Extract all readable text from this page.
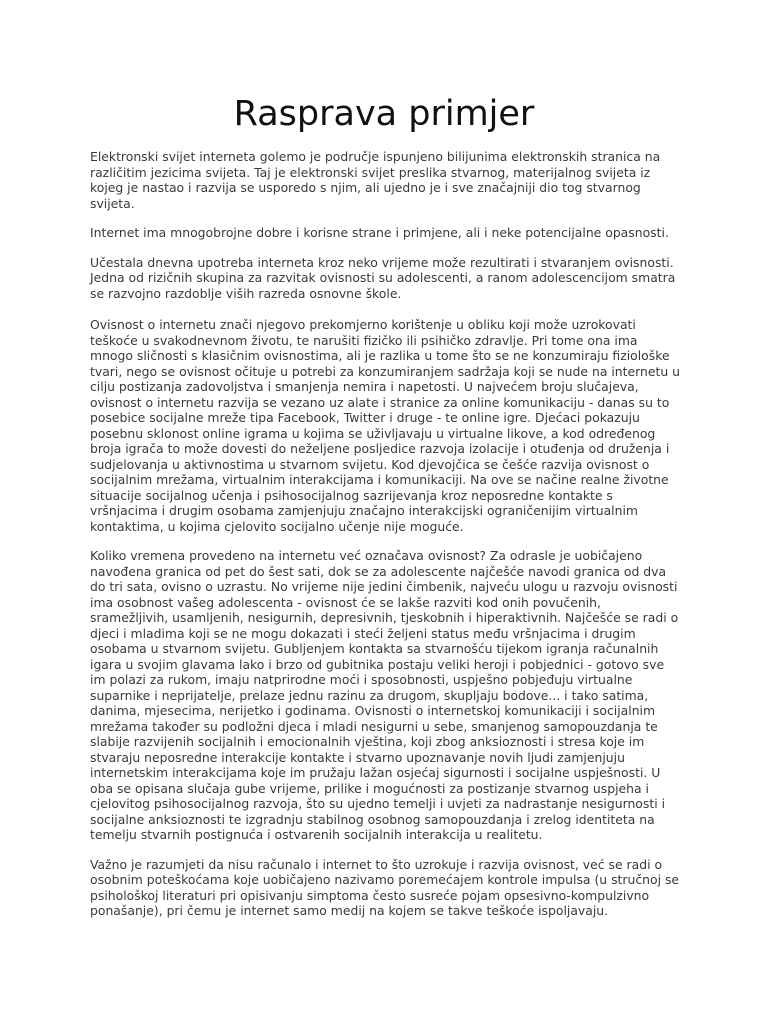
Rasprava primjer

Elektronski svijet interneta golemo je područje ispunjeno bilijunima elektronskih stranica na različitim jezicima svijeta. Taj je elektronski svijet preslika stvarnog, materijalnog svijeta iz kojeg je nastao i razvija se usporedo s njim, ali ujedno je i sve značajniji dio tog stvarnog svijeta.

Internet ima mnogobrojne dobre i korisne strane i primjene, ali i neke potencijalne opasnosti.

Učestala dnevna upotreba interneta kroz neko vrijeme može rezultirati i stvaranjem ovisnosti. Jedna od rizičnih skupina za razvitak ovisnosti su adolescenti, a ranom adolescencijom smatra se razvojno razdoblje viših razreda osnovne škole.

Ovisnost o internetu znači njegovo prekomjerno korištenje u obliku koji može uzrokovati teškoće u svakodnevnom životu, te narušiti fizičko ili psihičko zdravlje. Pri tome ona ima mnogo sličnosti s klasičnim ovisnostima, ali je razlika u tome što se ne konzumiraju fiziološke tvari, nego se ovisnost očituje u potrebi za konzumiranjem sadržaja koji se nude na internetu u cilju postizanja zadovoljstva i smanjenja nemira i napetosti. U najvećem broju slučajeva, ovisnost o internetu razvija se vezano uz alate i stranice za online komunikaciju - danas su to posebice socijalne mreže tipa Facebook, Twitter i druge - te online igre. Djećaci pokazuju posebnu sklonost online igrama u kojima se uživljavaju u virtualne likove, a kod određenog broja igrača to može dovesti do neželjene posljedice razvoja izolacije i otuđenja od druženja i sudjelovanja u aktivnostima u stvarnom svijetu. Kod djevojčica se češće razvija ovisnost o socijalnim mrežama, virtualnim interakcijama i komunikaciji. Na ove se načine realne životne situacije socijalnog učenja i psihosocijalnog sazrijevanja kroz neposredne kontakte s vršnjacima i drugim osobama zamjenjuju značajno interakcijski ograničenijim virtualnim kontaktima, u kojima cjelovito socijalno učenje nije moguće.

Koliko vremena provedeno na internetu već označava ovisnost? Za odrasle je uobičajeno navođena granica od pet do šest sati, dok se za adolescente najčešće navodi granica od dva do tri sata, ovisno o uzrastu. No vrijeme nije jedini čimbenik, najveću ulogu u razvoju ovisnosti ima osobnost vašeg adolescenta - ovisnost će se lakše razviti kod onih povučenih, sramežljivih, usamljenih, nesigurnih, depresivnih, tjeskobnih i hiperaktivnih. Najčešće se radi o djeci i mladima koji se ne mogu dokazati i steći željeni status među vršnjacima i drugim osobama u stvarnom svijetu. Gubljenjem kontakta sa stvarnošću tijekom igranja računalnih igara u svojim glavama lako i brzo od gubitnika postaju veliki heroji i pobjednici - gotovo sve im polazi za rukom, imaju natprirodne moći i sposobnosti, uspješno pobjeđuju virtualne suparnike i neprijatelje, prelaze jednu razinu za drugom, skupljaju bodove... i tako satima, danima, mjesecima, nerijetko i godinama. Ovisnosti o internetskoj komunikaciji i socijalnim mrežama također su podložni djeca i mladi nesigurni u sebe, smanjenog samopouzdanja te slabije razvijenih socijalnih i emocionalnih vještina, koji zbog anksioznosti i stresa koje im stvaraju neposredne interakcije kontakte i stvarno upoznavanje novih ljudi zamjenjuju internetskim interakcijama koje im pružaju lažan osjećaj sigurnosti i socijalne uspješnosti. U oba se opisana slučaja gube vrijeme, prilike i mogućnosti za postizanje stvarnog uspjeha i cjelovitog psihosocijalnog razvoja, što su ujedno temelji i uvjeti za nadrastanje nesigurnosti i socijalne anksioznosti te izgradnju stabilnog osobnog samopouzdanja i zrelog identiteta na temelju stvarnih postignuća i ostvarenih socijalnih interakcija u realitetu.

Važno je razumjeti da nisu računalo i internet to što uzrokuje i razvija ovisnost, već se radi o osobnim poteškoćama koje uobičajeno nazivamo poremećajem kontrole impulsa (u stručnoj se psihološkoj literaturi pri opisivanju simptoma često susreće pojam opsesivno-kompulzivno ponašanje), pri čemu je internet samo medij na kojem se takve teškoće ispoljavaju.
